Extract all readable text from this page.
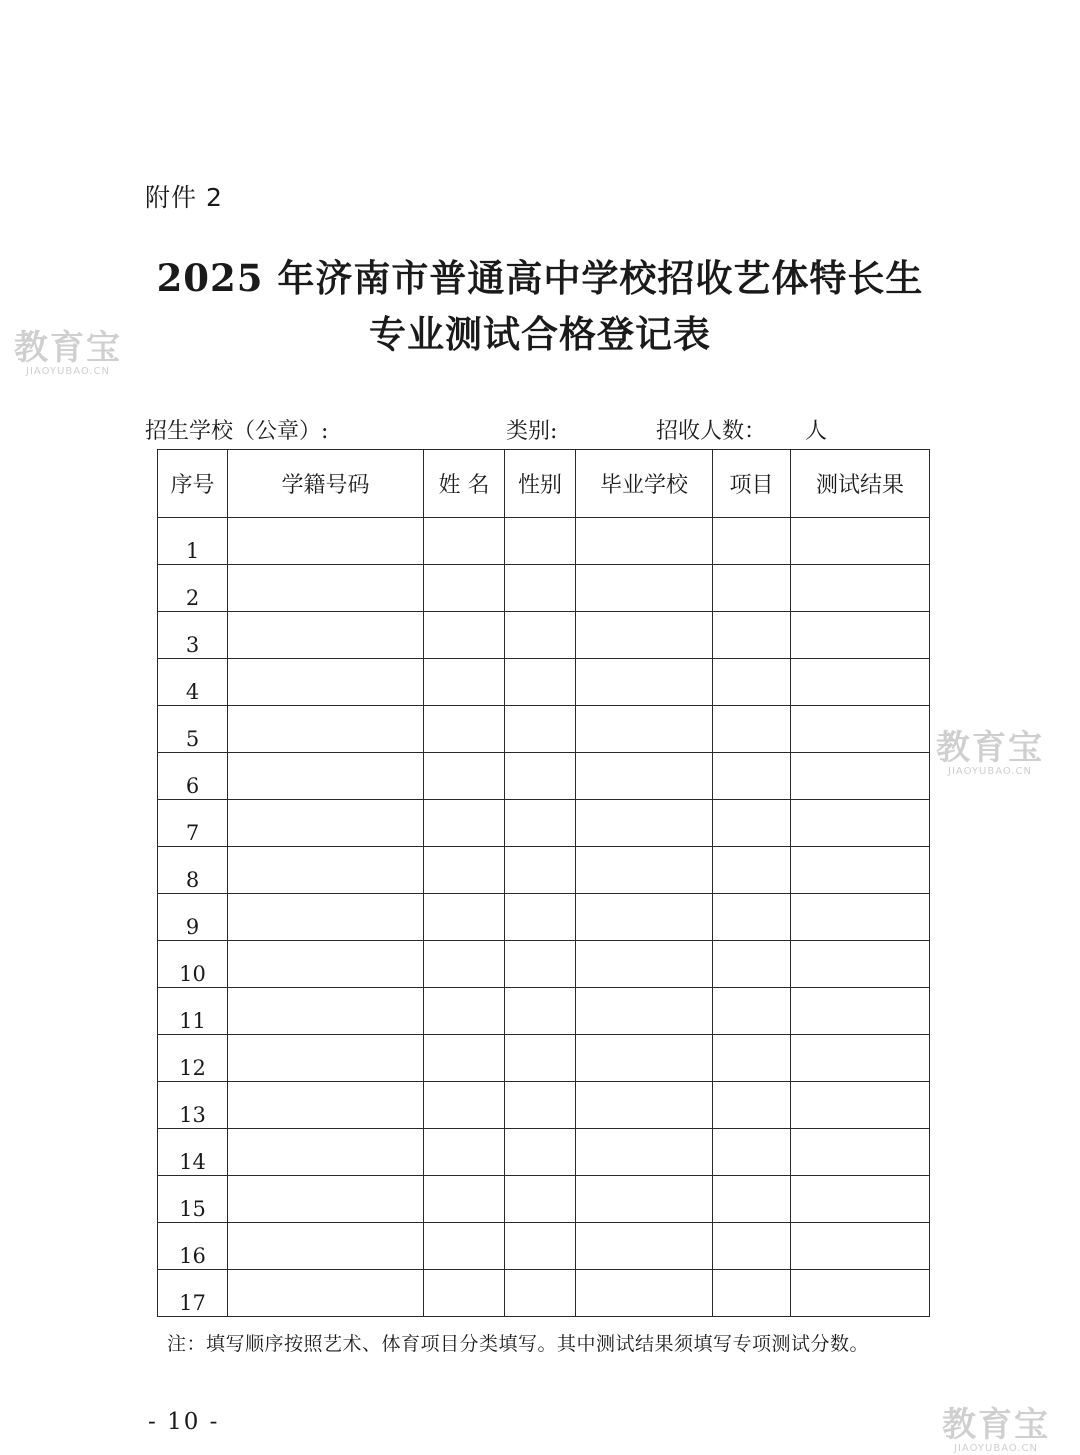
附件 2
2025 年济南市普通高中学校招收艺体特长生
专业测试合格登记表
招生学校（公章）:	类别:	招收人数： 人
序号	学籍号码	姓 名	性别	毕业学校	项目	测试结果
1						
2						
3						
4						
5						
6						
7						
8						
9						
10						
11						
12						
13						
14						
15						
16						
17						
注：填写顺序按照艺术、体育项目分类填写。其中测试结果须填写专项测试分数。
- 10 -
教育宝
JIAOYUBAO.CN
教育宝
JIAOYUBAO.CN
教育宝
JIAOYUBAO.CN
